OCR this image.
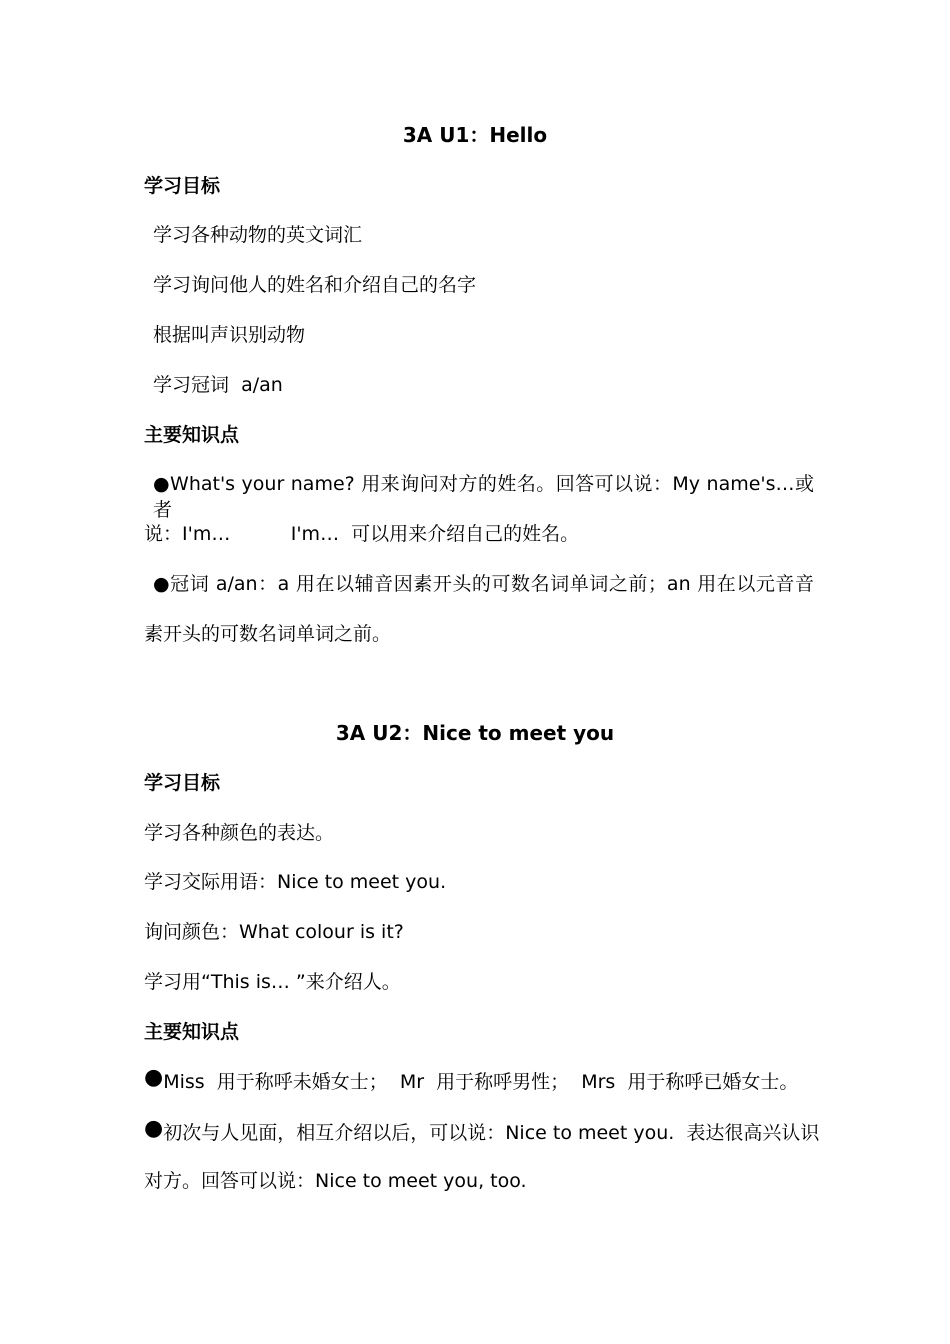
3A U1：Hello
学习目标
学习各种动物的英文词汇
学习询问他人的姓名和介绍自己的名字
根据叫声识别动物
学习冠词  a/an
主要知识点
●What's your name? 用来询问对方的姓名。回答可以说：My name's…或者
说：I'm…          I'm…  可以用来介绍自己的姓名。
●冠词 a/an：a 用在以辅音因素开头的可数名词单词之前；an 用在以元音音
素开头的可数名词单词之前。
3A U2：Nice to meet you
学习目标
学习各种颜色的表达。
学习交际用语：Nice to meet you.
询问颜色：What colour is it?
学习用“This is… ”来介绍人。
主要知识点
●Miss  用于称呼未婚女士；  Mr  用于称呼男性；  Mrs  用于称呼已婚女士。
●初次与人见面，相互介绍以后，可以说：Nice to meet you.  表达很高兴认识
对方。回答可以说：Nice to meet you, too.
